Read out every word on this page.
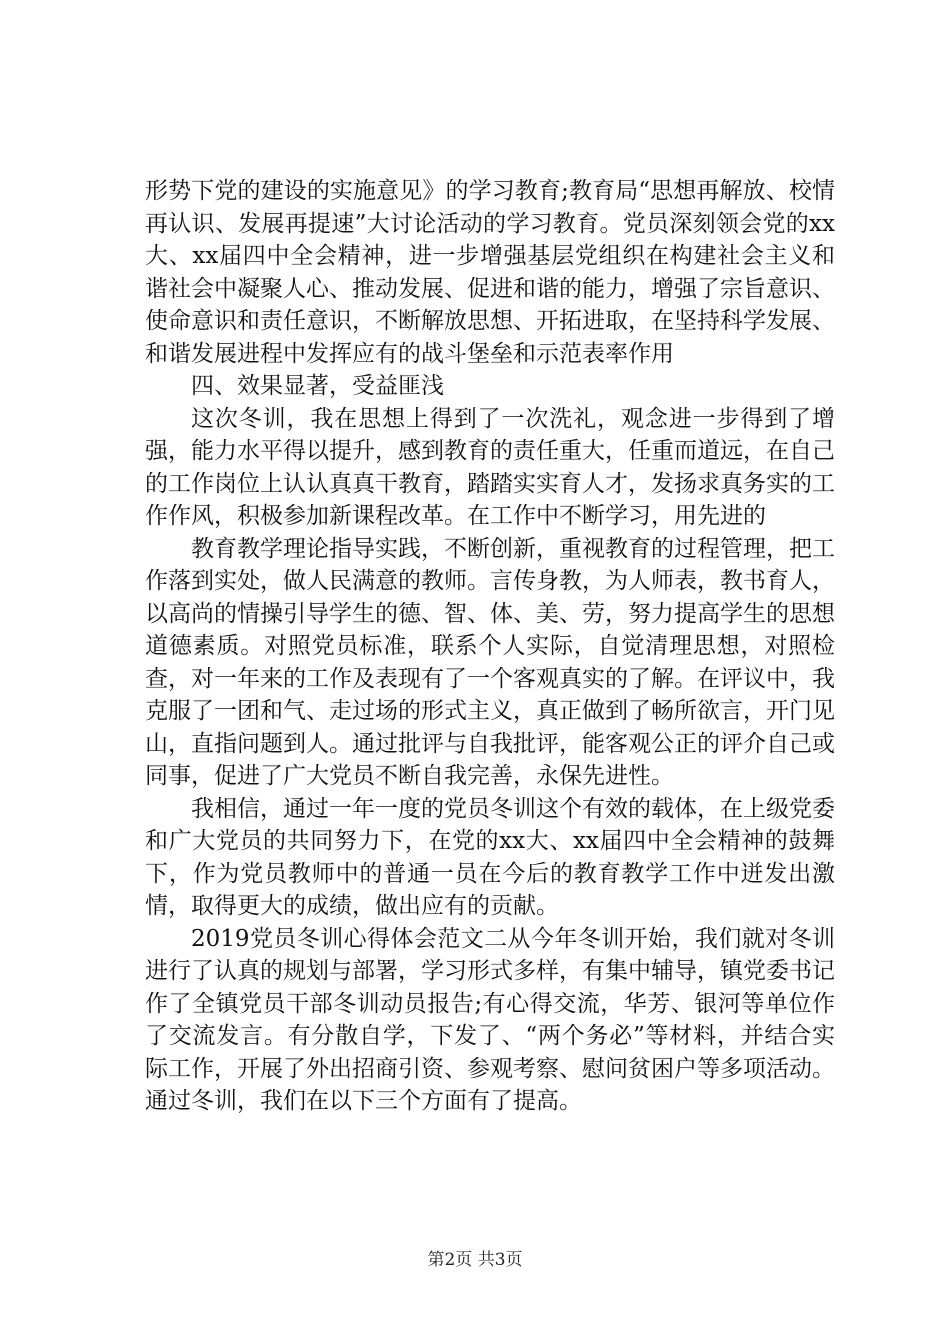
形势下党的建设的实施意见》的学习教育;教育局“思想再解放、校情再认识、发展再提速”大讨论活动的学习教育。党员深刻领会党的xx大、xx届四中全会精神，进一步增强基层党组织在构建社会主义和谐社会中凝聚人心、推动发展、促进和谐的能力，增强了宗旨意识、使命意识和责任意识，不断解放思想、开拓进取，在坚持科学发展、和谐发展进程中发挥应有的战斗堡垒和示范表率作用

四、效果显著，受益匪浅

这次冬训，我在思想上得到了一次洗礼，观念进一步得到了增强，能力水平得以提升，感到教育的责任重大，任重而道远，在自己的工作岗位上认认真真干教育，踏踏实实育人才，发扬求真务实的工作作风，积极参加新课程改革。在工作中不断学习，用先进的

教育教学理论指导实践，不断创新，重视教育的过程管理，把工作落到实处，做人民满意的教师。言传身教，为人师表，教书育人，以高尚的情操引导学生的德、智、体、美、劳，努力提高学生的思想道德素质。对照党员标准，联系个人实际，自觉清理思想，对照检查，对一年来的工作及表现有了一个客观真实的了解。在评议中，我克服了一团和气、走过场的形式主义，真正做到了畅所欲言，开门见山，直指问题到人。通过批评与自我批评，能客观公正的评介自己或同事，促进了广大党员不断自我完善，永保先进性。

我相信，通过一年一度的党员冬训这个有效的载体，在上级党委和广大党员的共同努力下，在党的xx大、xx届四中全会精神的鼓舞下，作为党员教师中的普通一员在今后的教育教学工作中迸发出激情，取得更大的成绩，做出应有的贡献。

2019党员冬训心得体会范文二从今年冬训开始，我们就对冬训进行了认真的规划与部署，学习形式多样，有集中辅导，镇党委书记作了全镇党员干部冬训动员报告;有心得交流，华芳、银河等单位作了交流发言。有分散自学，下发了、“两个务必”等材料，并结合实际工作，开展了外出招商引资、参观考察、慰问贫困户等多项活动。通过冬训，我们在以下三个方面有了提高。

第2页 共3页
